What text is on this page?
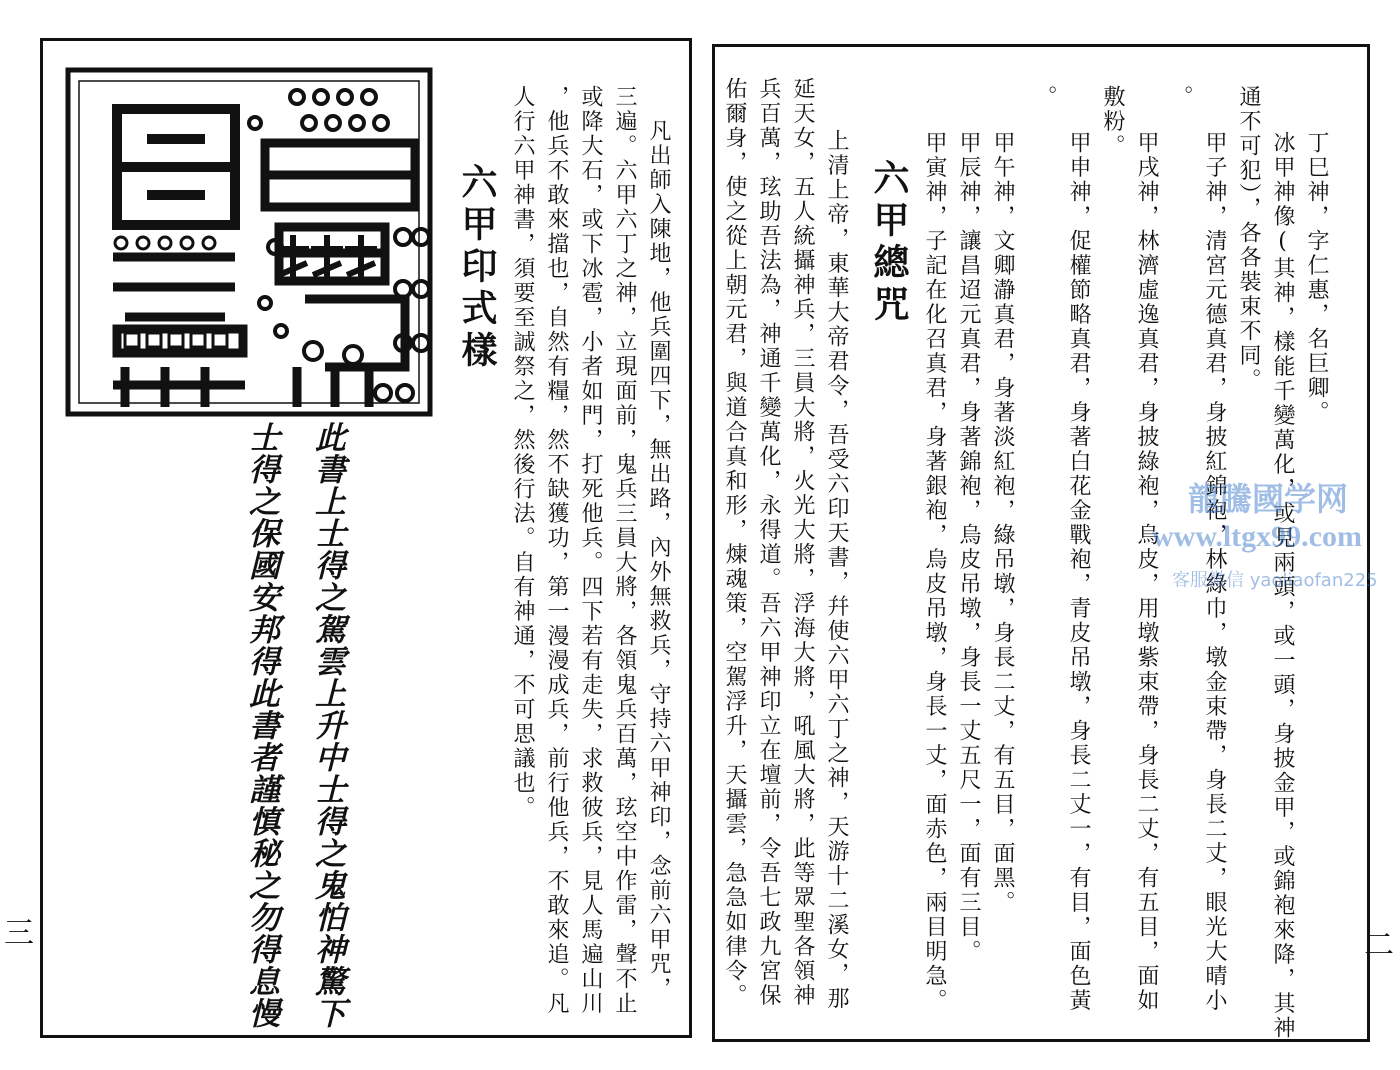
六甲印式樣	凡出師入陳地，他兵圍四下，無出路，內外無救兵，守持六甲神印，念前六甲咒，
三遍。六甲六丁之神，立現面前，鬼兵三員大將，各領鬼兵百萬，玹空中作雷，聲不止
或降大石，或下冰雹，小者如門，打死他兵。四下若有走失，求救彼兵，見人馬遍山川
，他兵不敢來擋也，自然有糧，然不缺獲功，第一漫漫成兵，前行他兵，不敢來追。凡
人行六甲神書，須要至誠祭之，然後行法。自有神通，不可思議也。
此書上士得之駕雲上升中士得之鬼怕神驚下
士得之保國安邦得此書者謹慎秘之勿得息慢
三
丁巳神，字仁惠，名巨卿。
冰甲神像(其神，樣能千變萬化，或見兩頭，或一頭，身披金甲，或錦袍來降，其神
通不可犯），各各裝束不同。
甲子神，清宮元德真君，身披紅錦袍，林綠巾，墩金束帶，身長二丈，眼光大晴小
。
甲戌神，林濟虛逸真君，身披綠袍，烏皮，用墩紫束帶，身長二丈，有五目，面如
敷粉。
甲申神，促權節略真君，身著白花金戰袍，青皮吊墩，身長二丈一，有目，面色黃
。
甲午神，文卿瀞真君，身著淡紅袍，綠吊墩，身長二丈，有五目，面黑。
甲辰神，讓昌迢元真君，身著錦袍，烏皮吊墩，身長一丈五尺一，面有三目。
甲寅神，子記在化召真君，身著銀袍，烏皮吊墩，身長一丈，面赤色，兩目明急。
六甲總咒
上清上帝，東華大帝君令，吾受六印天書，幷使六甲六丁之神，天游十二溪女，那
延天女，五人統攝神兵，三員大將，火光大將，浮海大將，吼風大將，此等眾聖各領神
兵百萬，玹助吾法為，神通千變萬化，永得道。吾六甲神印立在壇前，令吾七政九宮保
佑爾身，使之從上朝元君，與道合真和形，煉魂策，空駕浮升，天攝雲，急急如律令。	二
龍騰國学网
www.ltgx99.com
客服微信 yaoliaofan225
